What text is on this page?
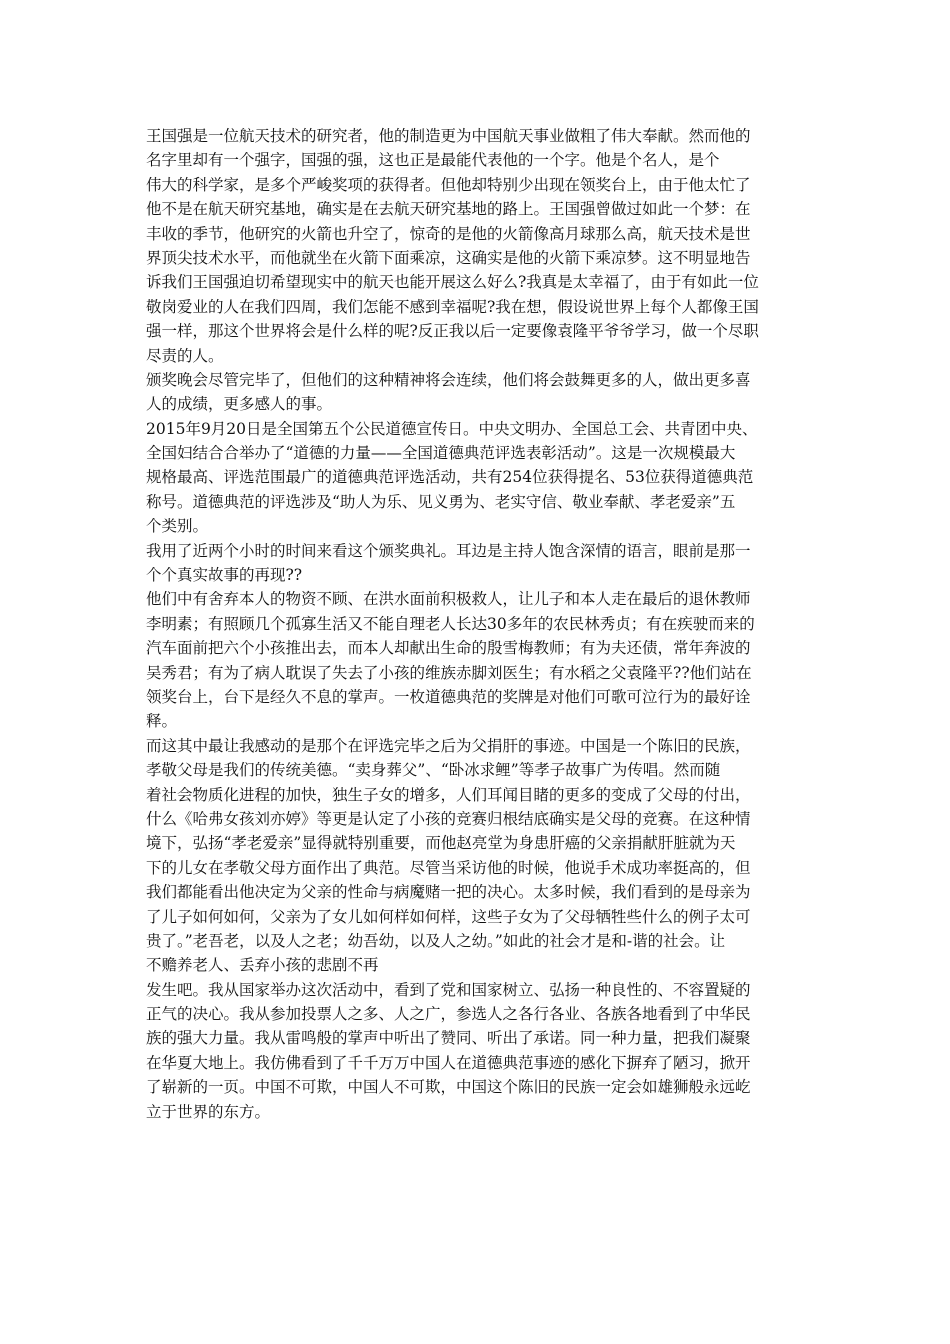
王国强是一位航天技术的研究者，他的制造更为中国航天事业做粗了伟大奉献。然而他的
名字里却有一个强字，国强的强，这也正是最能代表他的一个字。他是个名人，是个
伟大的科学家，是多个严峻奖项的获得者。但他却特别少出现在领奖台上，由于他太忙了
他不是在航天研究基地，确实是在去航天研究基地的路上。王国强曾做过如此一个梦：在
丰收的季节，他研究的火箭也升空了，惊奇的是他的火箭像高月球那么高，航天技术是世
界顶尖技术水平，而他就坐在火箭下面乘凉，这确实是他的火箭下乘凉梦。这不明显地告
诉我们王国强迫切希望现实中的航天也能开展这么好么?我真是太幸福了，由于有如此一位
敬岗爱业的人在我们四周，我们怎能不感到幸福呢?我在想，假设说世界上每个人都像王国
强一样，那这个世界将会是什么样的呢?反正我以后一定要像袁隆平爷爷学习，做一个尽职
尽责的人。
颁奖晚会尽管完毕了，但他们的这种精神将会连续，他们将会鼓舞更多的人，做出更多喜
人的成绩，更多感人的事。
2015年9月20日是全国第五个公民道德宣传日。中央文明办、全国总工会、共青团中央、
全国妇结合合举办了“道德的力量——全国道德典范评选表彰活动”。这是一次规模最大
规格最高、评选范围最广的道德典范评选活动，共有254位获得提名、53位获得道德典范
称号。道德典范的评选涉及“助人为乐、见义勇为、老实守信、敬业奉献、孝老爱亲”五
个类别。
我用了近两个小时的时间来看这个颁奖典礼。耳边是主持人饱含深情的语言，眼前是那一
个个真实故事的再现??
他们中有舍弃本人的物资不顾、在洪水面前积极救人，让儿子和本人走在最后的退休教师
李明素；有照顾几个孤寡生活又不能自理老人长达30多年的农民林秀贞；有在疾驶而来的
汽车面前把六个小孩推出去，而本人却献出生命的殷雪梅教师；有为夫还债，常年奔波的
吴秀君；有为了病人耽误了失去了小孩的维族赤脚刘医生；有水稻之父袁隆平??他们站在
领奖台上，台下是经久不息的掌声。一枚道德典范的奖牌是对他们可歌可泣行为的最好诠
释。
而这其中最让我感动的是那个在评选完毕之后为父捐肝的事迹。中国是一个陈旧的民族，
孝敬父母是我们的传统美德。“卖身葬父”、“卧冰求鲤”等孝子故事广为传唱。然而随
着社会物质化进程的加快，独生子女的增多，人们耳闻目睹的更多的变成了父母的付出，
什么《哈弗女孩刘亦婷》等更是认定了小孩的竞赛归根结底确实是父母的竞赛。在这种情
境下，弘扬“孝老爱亲”显得就特别重要，而他赵亮堂为身患肝癌的父亲捐献肝脏就为天
下的儿女在孝敬父母方面作出了典范。尽管当采访他的时候，他说手术成功率挺高的，但
我们都能看出他决定为父亲的性命与病魔赌一把的决心。太多时候，我们看到的是母亲为
了儿子如何如何，父亲为了女儿如何样如何样，这些子女为了父母牺牲些什么的例子太可
贵了。”老吾老，以及人之老；幼吾幼，以及人之幼。”如此的社会才是和-谐的社会。让
不赡养老人、丢弃小孩的悲剧不再
发生吧。我从国家举办这次活动中，看到了党和国家树立、弘扬一种良性的、不容置疑的
正气的决心。我从参加投票人之多、人之广，参选人之各行各业、各族各地看到了中华民
族的强大力量。我从雷鸣般的掌声中听出了赞同、听出了承诺。同一种力量，把我们凝聚
在华夏大地上。我仿佛看到了千千万万中国人在道德典范事迹的感化下摒弃了陋习，掀开
了崭新的一页。中国不可欺，中国人不可欺，中国这个陈旧的民族一定会如雄狮般永远屹
立于世界的东方。
